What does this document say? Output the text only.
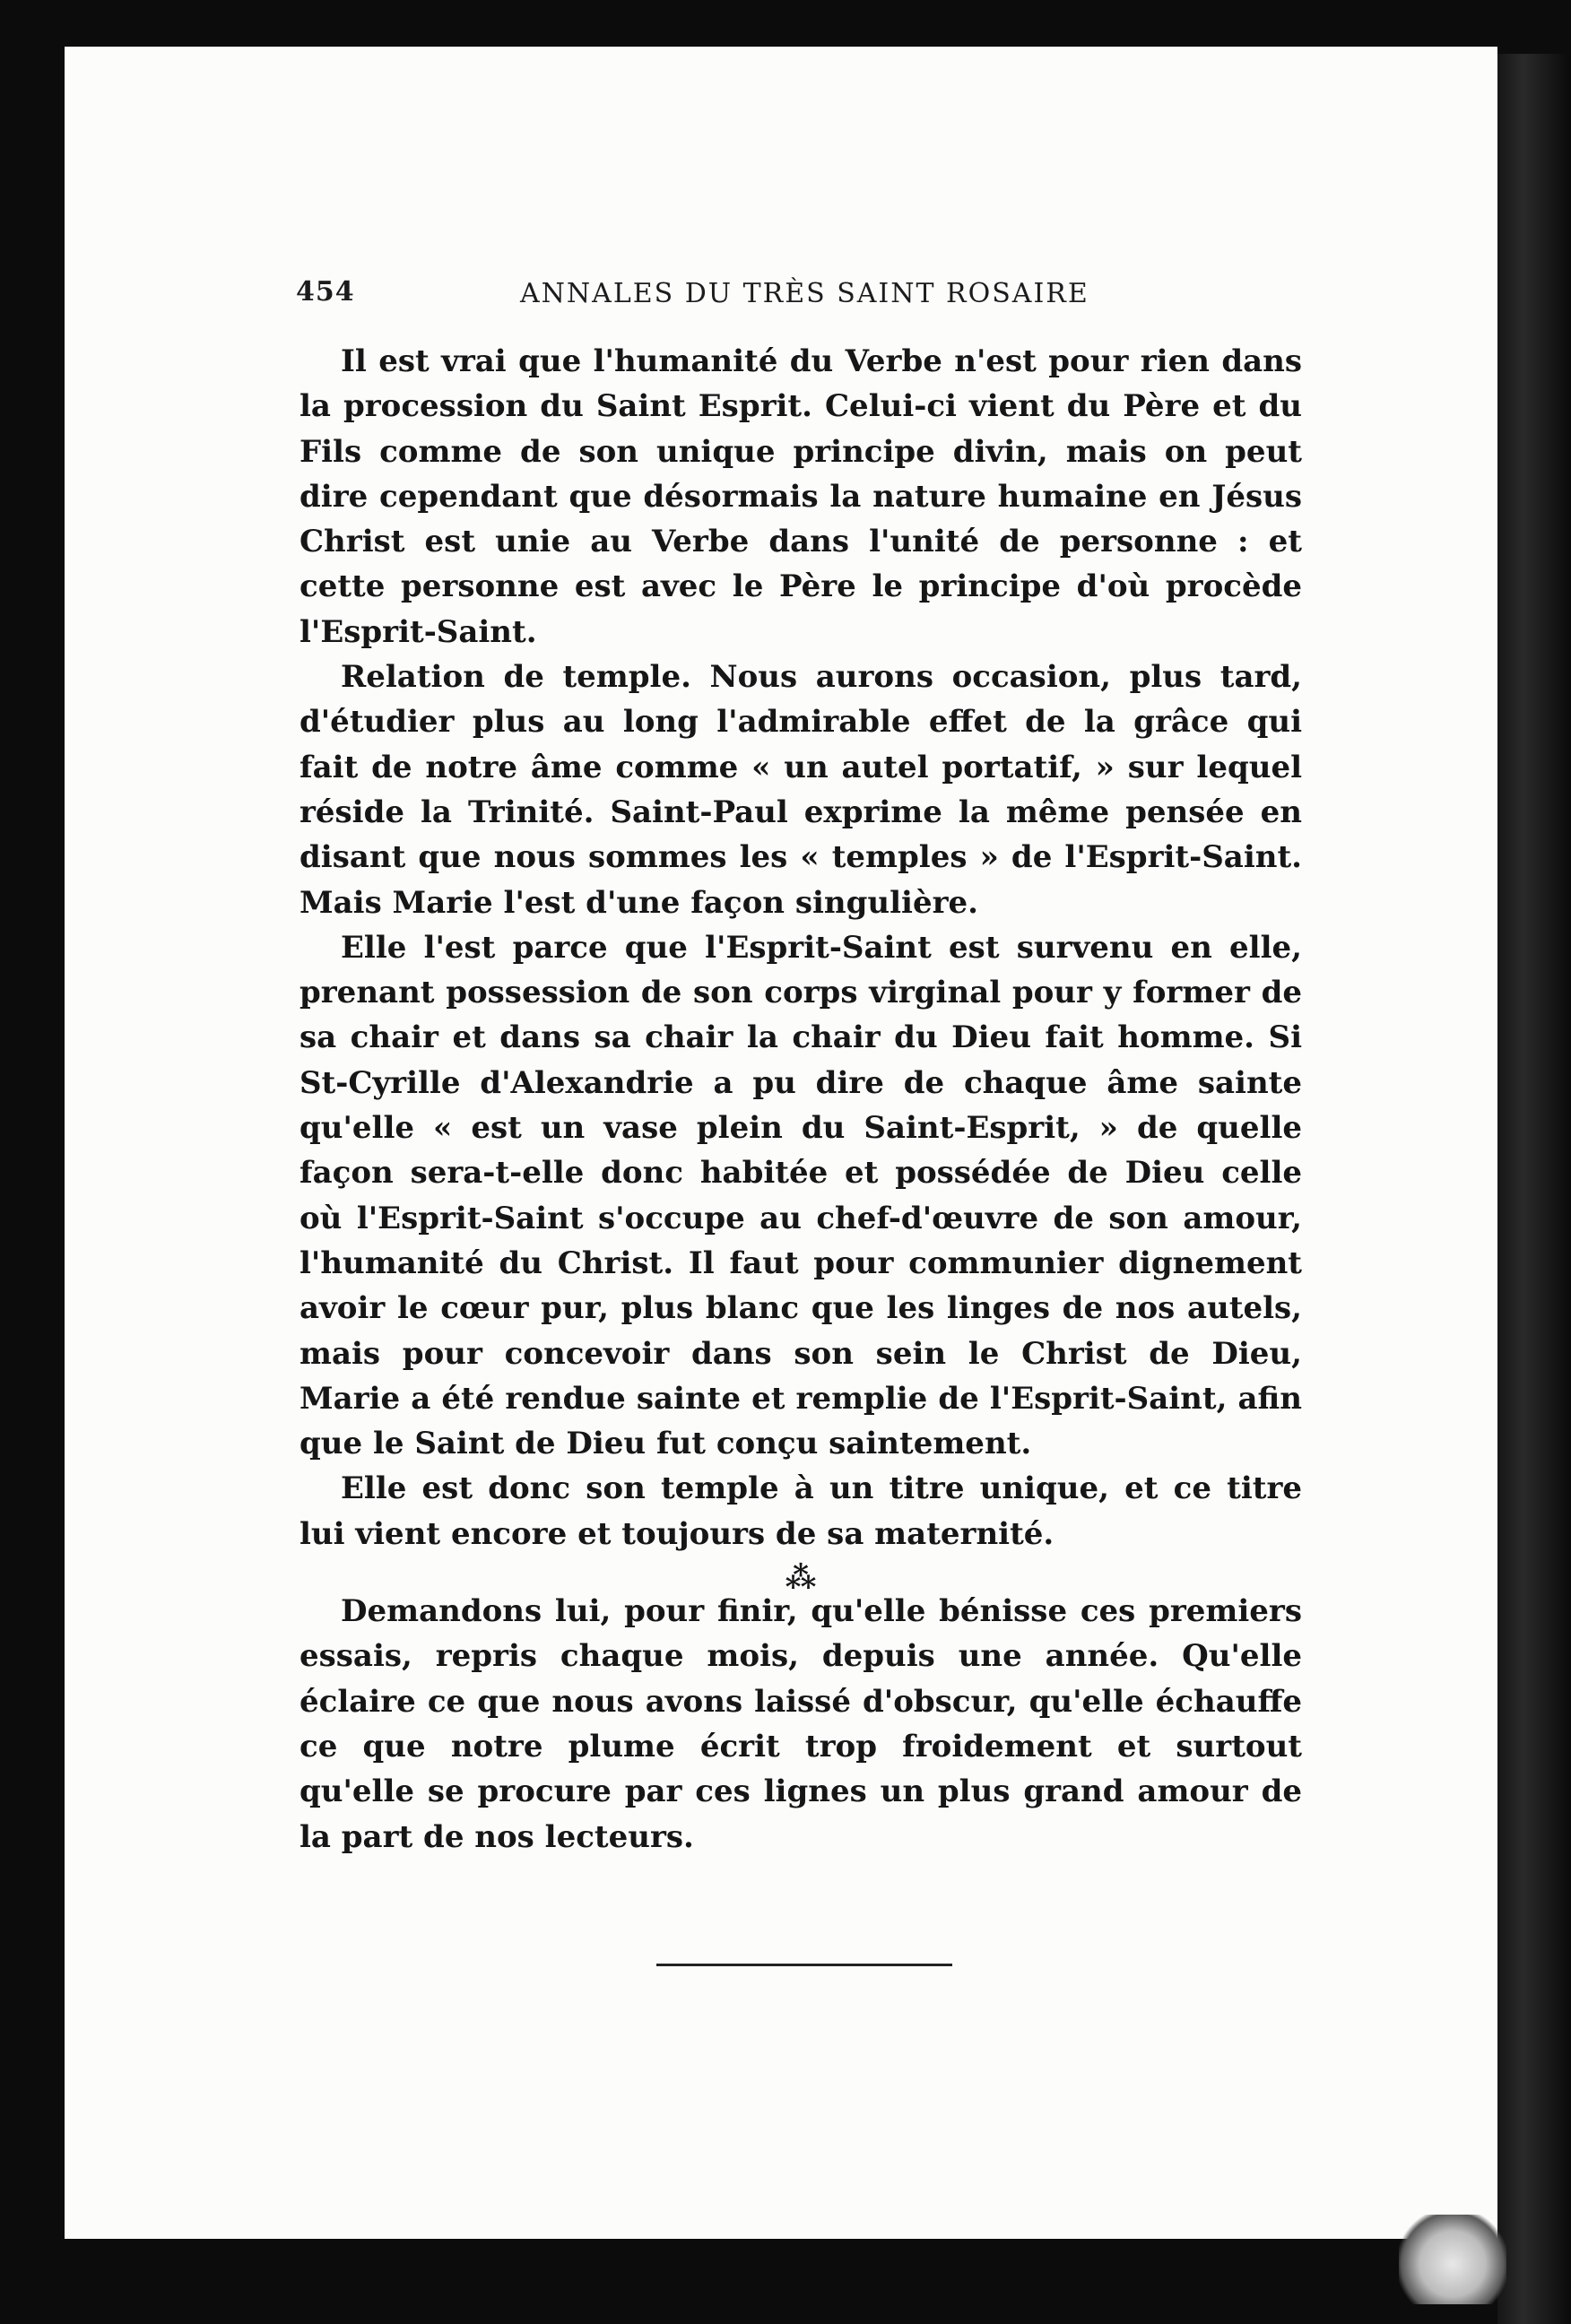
454	ANNALES DU TRÈS SAINT ROSAIRE

Il est vrai que l'humanité du Verbe n'est pour rien dans la procession du Saint Esprit. Celui-ci vient du Père et du Fils comme de son unique principe divin, mais on peut dire cependant que désormais la nature humaine en Jésus Christ est unie au Verbe dans l'unité de personne : et cette personne est avec le Père le principe d'où procède l'Esprit-Saint.

Relation de temple. Nous aurons occasion, plus tard, d'étudier plus au long l'admirable effet de la grâce qui fait de notre âme comme « un autel portatif, » sur lequel réside la Trinité. Saint-Paul exprime la même pensée en disant que nous sommes les « temples » de l'Esprit-Saint. Mais Marie l'est d'une façon singulière.

Elle l'est parce que l'Esprit-Saint est survenu en elle, prenant possession de son corps virginal pour y former de sa chair et dans sa chair la chair du Dieu fait homme. Si St-Cyrille d'Alexandrie a pu dire de chaque âme sainte qu'elle « est un vase plein du Saint-Esprit, » de quelle façon sera-t-elle donc habitée et possédée de Dieu celle où l'Esprit-Saint s'occupe au chef-d'œuvre de son amour, l'humanité du Christ. Il faut pour communier dignement avoir le cœur pur, plus blanc que les linges de nos autels, mais pour concevoir dans son sein le Christ de Dieu, Marie a été rendue sainte et remplie de l'Esprit-Saint, afin que le Saint de Dieu fut conçu saintement.

Elle est donc son temple à un titre unique, et ce titre lui vient encore et toujours de sa maternité.

⁂

Demandons lui, pour finir, qu'elle bénisse ces premiers essais, repris chaque mois, depuis une année. Qu'elle éclaire ce que nous avons laissé d'obscur, qu'elle échauffe ce que notre plume écrit trop froidement et surtout qu'elle se procure par ces lignes un plus grand amour de la part de nos lecteurs.
